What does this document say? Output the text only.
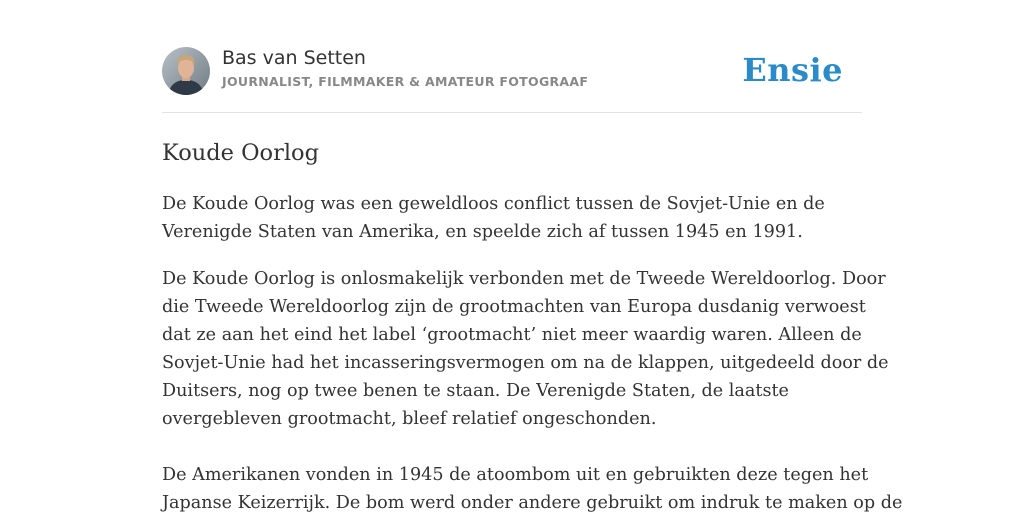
Bas van Setten
JOURNALIST, FILMMAKER & AMATEUR FOTOGRAAF	Ensie
Koude Oorlog

De Koude Oorlog was een geweldloos conflict tussen de Sovjet-Unie en de
Verenigde Staten van Amerika, en speelde zich af tussen 1945 en 1991.

De Koude Oorlog is onlosmakelijk verbonden met de Tweede Wereldoorlog. Door
die Tweede Wereldoorlog zijn de grootmachten van Europa dusdanig verwoest
dat ze aan het eind het label ‘grootmacht’ niet meer waardig waren. Alleen de
Sovjet-Unie had het incasseringsvermogen om na de klappen, uitgedeeld door de
Duitsers, nog op twee benen te staan. De Verenigde Staten, de laatste
overgebleven grootmacht, bleef relatief ongeschonden.

De Amerikanen vonden in 1945 de atoombom uit en gebruikten deze tegen het
Japanse Keizerrijk. De bom werd onder andere gebruikt om indruk te maken op de
